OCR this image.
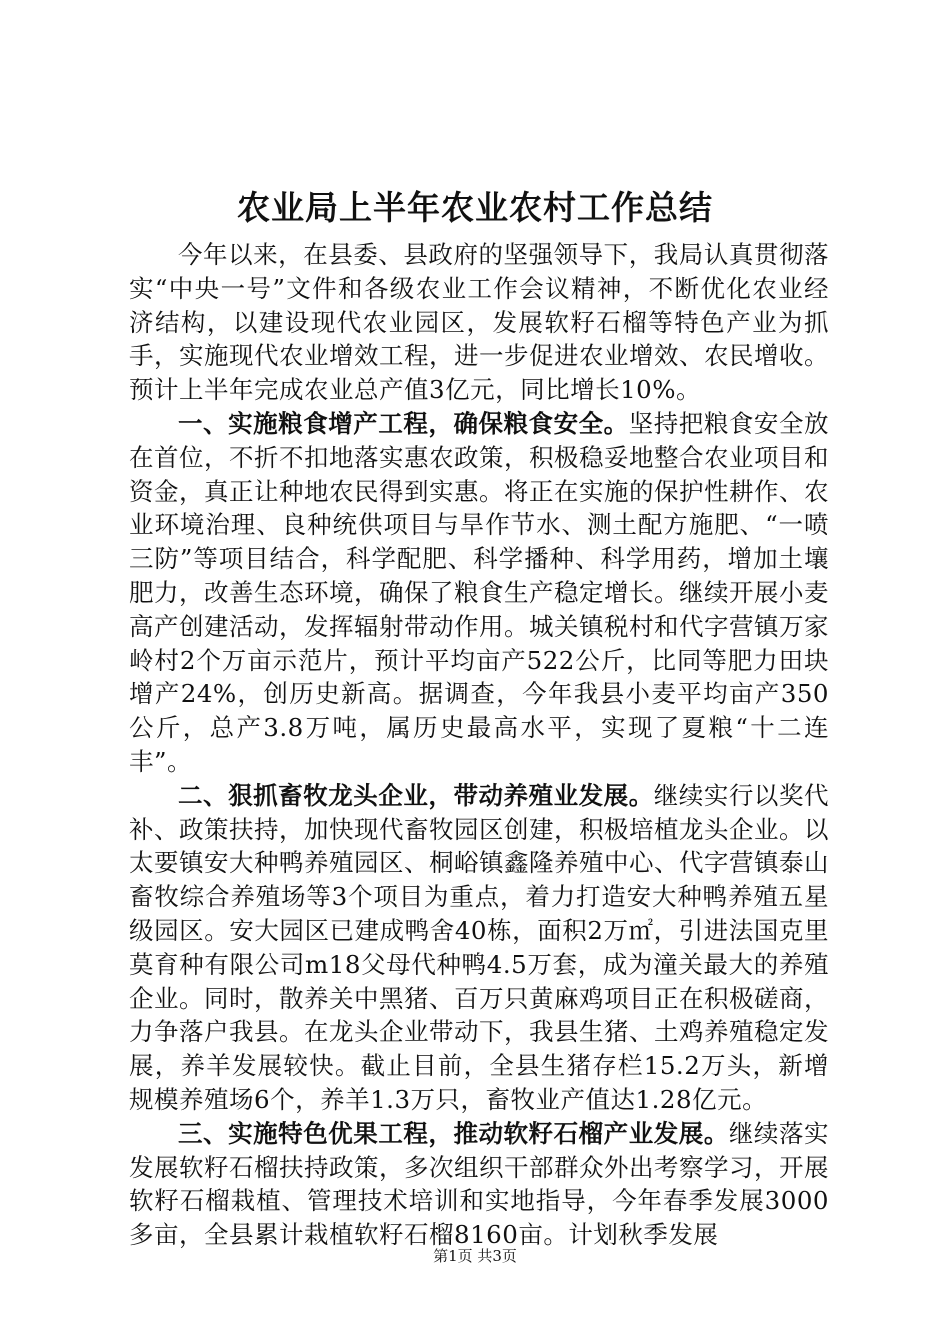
农业局上半年农业农村工作总结

今年以来，在县委、县政府的坚强领导下，我局认真贯彻落实“中央一号”文件和各级农业工作会议精神，不断优化农业经济结构，以建设现代农业园区，发展软籽石榴等特色产业为抓手，实施现代农业增效工程，进一步促进农业增效、农民增收。预计上半年完成农业总产值3亿元，同比增长10%。

一、实施粮食增产工程，确保粮食安全。坚持把粮食安全放在首位，不折不扣地落实惠农政策，积极稳妥地整合农业项目和资金，真正让种地农民得到实惠。将正在实施的保护性耕作、农业环境治理、良种统供项目与旱作节水、测土配方施肥、“一喷三防”等项目结合，科学配肥、科学播种、科学用药，增加土壤肥力，改善生态环境，确保了粮食生产稳定增长。继续开展小麦高产创建活动，发挥辐射带动作用。城关镇税村和代字营镇万家岭村2个万亩示范片，预计平均亩产522公斤，比同等肥力田块增产24%，创历史新高。据调查，今年我县小麦平均亩产350公斤，总产3.8万吨，属历史最高水平，实现了夏粮“十二连丰”。

二、狠抓畜牧龙头企业，带动养殖业发展。继续实行以奖代补、政策扶持，加快现代畜牧园区创建，积极培植龙头企业。以太要镇安大种鸭养殖园区、桐峪镇鑫隆养殖中心、代字营镇泰山畜牧综合养殖场等3个项目为重点，着力打造安大种鸭养殖五星级园区。安大园区已建成鸭舍40栋，面积2万㎡，引进法国克里莫育种有限公司m18父母代种鸭4.5万套，成为潼关最大的养殖企业。同时，散养关中黑猪、百万只黄麻鸡项目正在积极磋商，力争落户我县。在龙头企业带动下，我县生猪、土鸡养殖稳定发展，养羊发展较快。截止目前，全县生猪存栏15.2万头，新增规模养殖场6个，养羊1.3万只，畜牧业产值达1.28亿元。

三、实施特色优果工程，推动软籽石榴产业发展。继续落实发展软籽石榴扶持政策，多次组织干部群众外出考察学习，开展软籽石榴栽植、管理技术培训和实地指导，今年春季发展3000多亩，全县累计栽植软籽石榴8160亩。计划秋季发展

第1页 共3页
